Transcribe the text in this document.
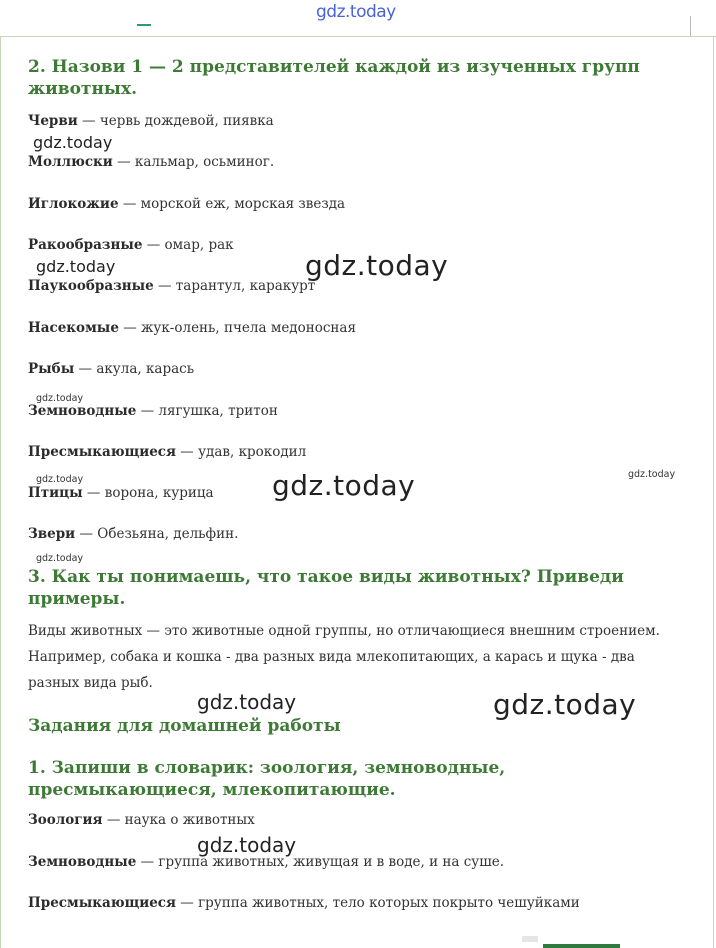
gdz.today
2. Назови 1 — 2 представителей каждой из изученных групп животных.
Черви — червь дождевой, пиявка
Моллюски — кальмар, осьминог.
Иглокожие — морской еж, морская звезда
Ракообразные — омар, рак
Паукообразные — тарантул, каракурт
Насекомые — жук-олень, пчела медоносная
Рыбы — акула, карась
Земноводные — лягушка, тритон
Пресмыкающиеся — удав, крокодил
Птицы — ворона, курица
Звери — Обезьяна, дельфин.
3. Как ты понимаешь, что такое виды животных? Приведи примеры.
Виды животных — это животные одной группы, но отличающиеся внешним строением. Например, собака и кошка - два разных вида млекопитающих, а карась и щука - два разных вида рыб.
Задания для домашней работы
1. Запиши в словарик: зоология, земноводные, пресмыкающиеся, млекопитающие.
Зоология — наука о животных
Земноводные — группа животных, живущая и в воде, и на суше.
Пресмыкающиеся — группа животных, тело которых покрыто чешуйками
gdz.today
gdz.today	gdz.today
gdz.today
gdz.today	gdz.today	gdz.today
gdz.today
gdz.today	gdz.today
gdz.today
